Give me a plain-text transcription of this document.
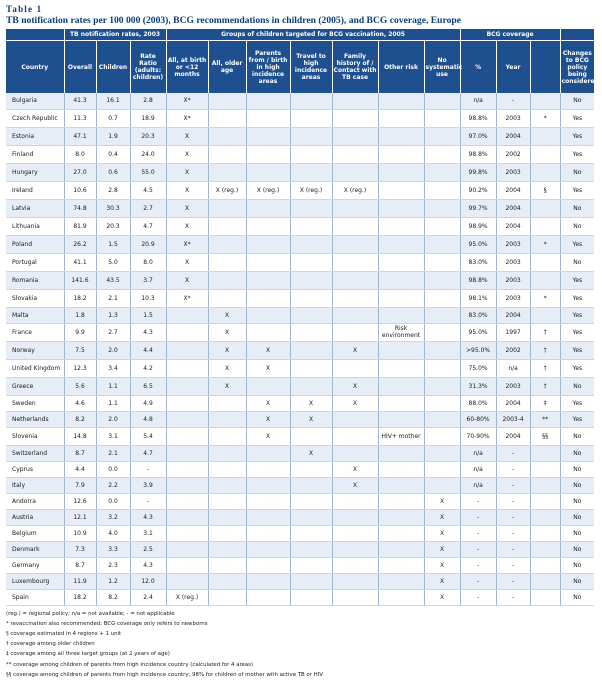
Table 1
TB notification rates per 100 000 (2003), BCG recommendations in children (2005), and BCG coverage, Europe
	TB notification rates, 2003			Groups of children targeted for BCG vaccination, 2005							BCG coverage			
Country	Overall	Children	Rate Ratio (adults: children)	All, at birth or <12 months	All, older age	Parents from / birth in high incidence areas	Travel to high incidence areas	Family history of / Contact with TB case	Other risk	No systematic use	%	Year		Changes to BCG policy being considered?
Bulgaria	41.3	16.1	2.8	X*							n/a	-		No
Czech Republic	11.3	0.7	18.9	X*							98.8%	2003	*	Yes
Estonia	47.1	1.9	20.3	X							97.0%	2004		Yes
Finland	8.0	0.4	24.0	X							98.8%	2002		Yes
Hungary	27.0	0.6	55.0	X							99.8%	2003		No
Ireland	10.6	2.8	4.5	X	X (reg.)	X (reg.)	X (reg.)	X (reg.)			90.2%	2004	§	Yes
Latvia	74.8	30.3	2.7	X							99.7%	2004		No
Lithuania	81.9	20.3	4.7	X							98.9%	2004		No
Poland	26.2	1.5	20.9	X*							95.0%	2003	*	Yes
Portugal	41.1	5.0	8.0	X							83.0%	2003		No
Romania	141.6	43.5	3.7	X							98.8%	2003		Yes
Slovakia	18.2	2.1	10.3	X*							98.1%	2003	*	Yes
Malta	1.8	1.3	1.5		X						83.0%	2004		Yes
France	9.9	2.7	4.3		X				Risk environment		95.0%	1997	†	Yes
Norway	7.5	2.0	4.4		X	X		X			>95.0%	2002	†	Yes
United Kingdom	12.3	3.4	4.2		X	X					75.0%	n/a	†	Yes
Greece	5.6	1.1	6.5		X			X			31.3%	2003	†	No
Sweden	4.6	1.1	4.9			X	X	X			88.0%	2004	‡	Yes
Netherlands	8.2	2.0	4.8			X	X				60-80%	2003-4	**	Yes
Slovenia	14.8	3.1	5.4			X			HIV+ mother		70-90%	2004	§§	No
Switzerland	8.7	2.1	4.7				X				n/a	-		No
Cyprus	4.4	0.0	-					X			n/a	-		No
Italy	7.9	2.2	3.9					X			n/a	-		No
Andorra	12.6	0.0	-							X	-	-		No
Austria	12.1	3.2	4.3							X	-	-		No
Belgium	10.9	4.0	3.1							X	-	-		No
Denmark	7.3	3.3	2.5							X	-	-		No
Germany	8.7	2.3	4.3							X	-	-		No
Luxembourg	11.9	1.2	12.0							X	-	-		No
Spain	18.2	8.2	2.4	X (reg.)						X	-	-		No
(reg.) = regional policy; n/a = not available; - = not applicable
* revaccination also recommended; BCG coverage only refers to newborns
§ coverage estimated in 4 regions + 1 unit
† coverage among older children
‡ coverage among all three target groups (at 2 years of age)
** coverage among children of parents from high incidence country (calculated for 4 areas)
§§ coverage among children of parents from high incidence country; 98% for children of mother with active TB or HIV
